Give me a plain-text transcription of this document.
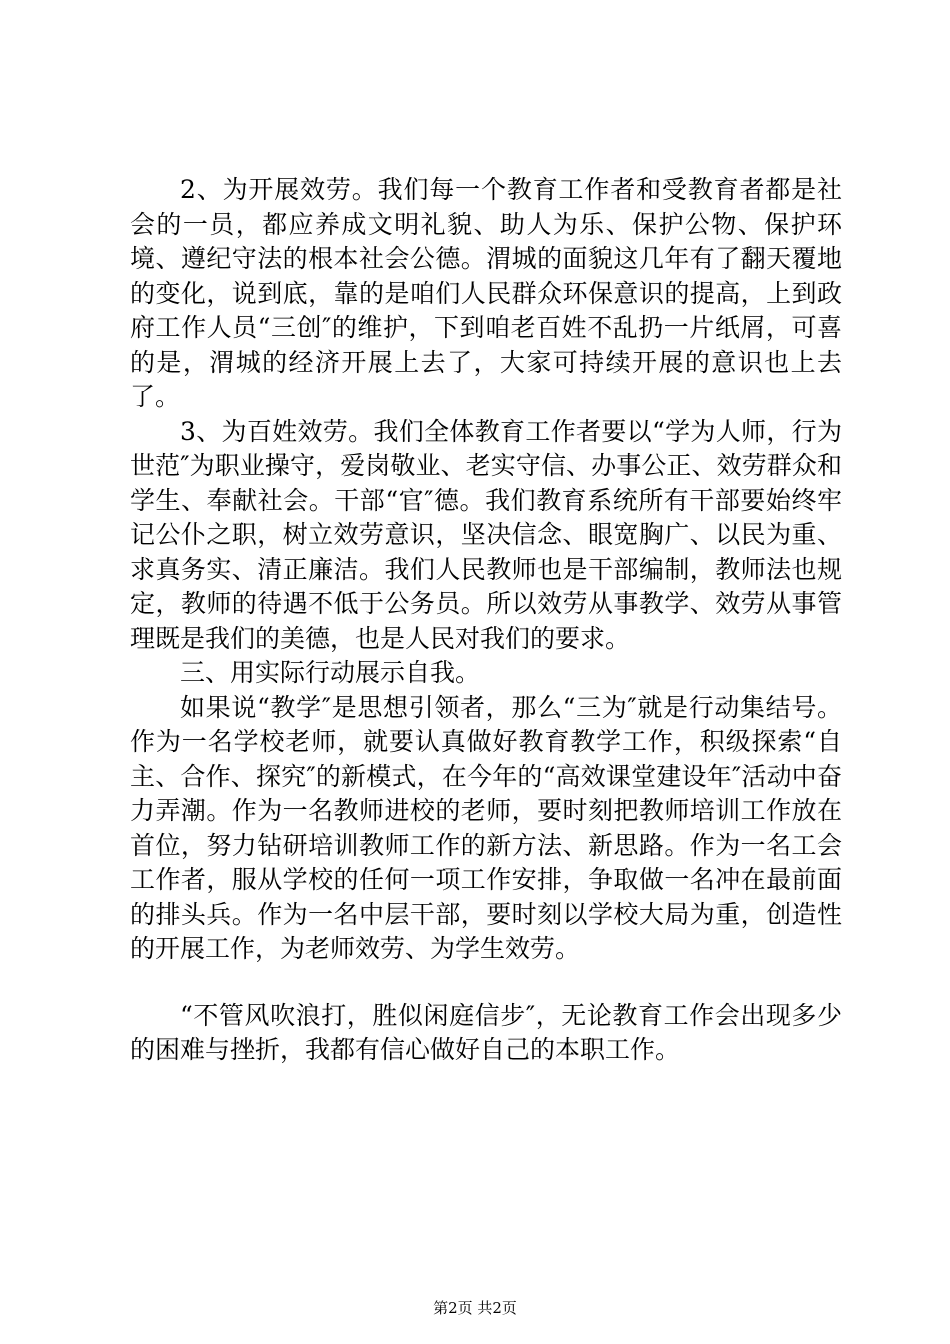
2、为开展效劳。我们每一个教育工作者和受教育者都是社会的一员，都应养成文明礼貌、助人为乐、保护公物、保护环境、遵纪守法的根本社会公德。渭城的面貌这几年有了翻天覆地的变化，说到底，靠的是咱们人民群众环保意识的提高，上到政府工作人员“三创″的维护，下到咱老百姓不乱扔一片纸屑，可喜的是，渭城的经济开展上去了，大家可持续开展的意识也上去了。

3、为百姓效劳。我们全体教育工作者要以“学为人师，行为世范″为职业操守，爱岗敬业、老实守信、办事公正、效劳群众和学生、奉献社会。干部“官″德。我们教育系统所有干部要始终牢记公仆之职，树立效劳意识，坚决信念、眼宽胸广、以民为重、求真务实、清正廉洁。我们人民教师也是干部编制，教师法也规定，教师的待遇不低于公务员。所以效劳从事教学、效劳从事管理既是我们的美德，也是人民对我们的要求。

三、用实际行动展示自我。

如果说“教学″是思想引领者，那么“三为″就是行动集结号。作为一名学校老师，就要认真做好教育教学工作，积级探索“自主、合作、探究″的新模式，在今年的“高效课堂建设年″活动中奋力弄潮。作为一名教师进校的老师，要时刻把教师培训工作放在首位，努力钻研培训教师工作的新方法、新思路。作为一名工会工作者，服从学校的任何一项工作安排，争取做一名冲在最前面的排头兵。作为一名中层干部，要时刻以学校大局为重，创造性的开展工作，为老师效劳、为学生效劳。

“不管风吹浪打，胜似闲庭信步″，无论教育工作会出现多少的困难与挫折，我都有信心做好自己的本职工作。

第2页 共2页
